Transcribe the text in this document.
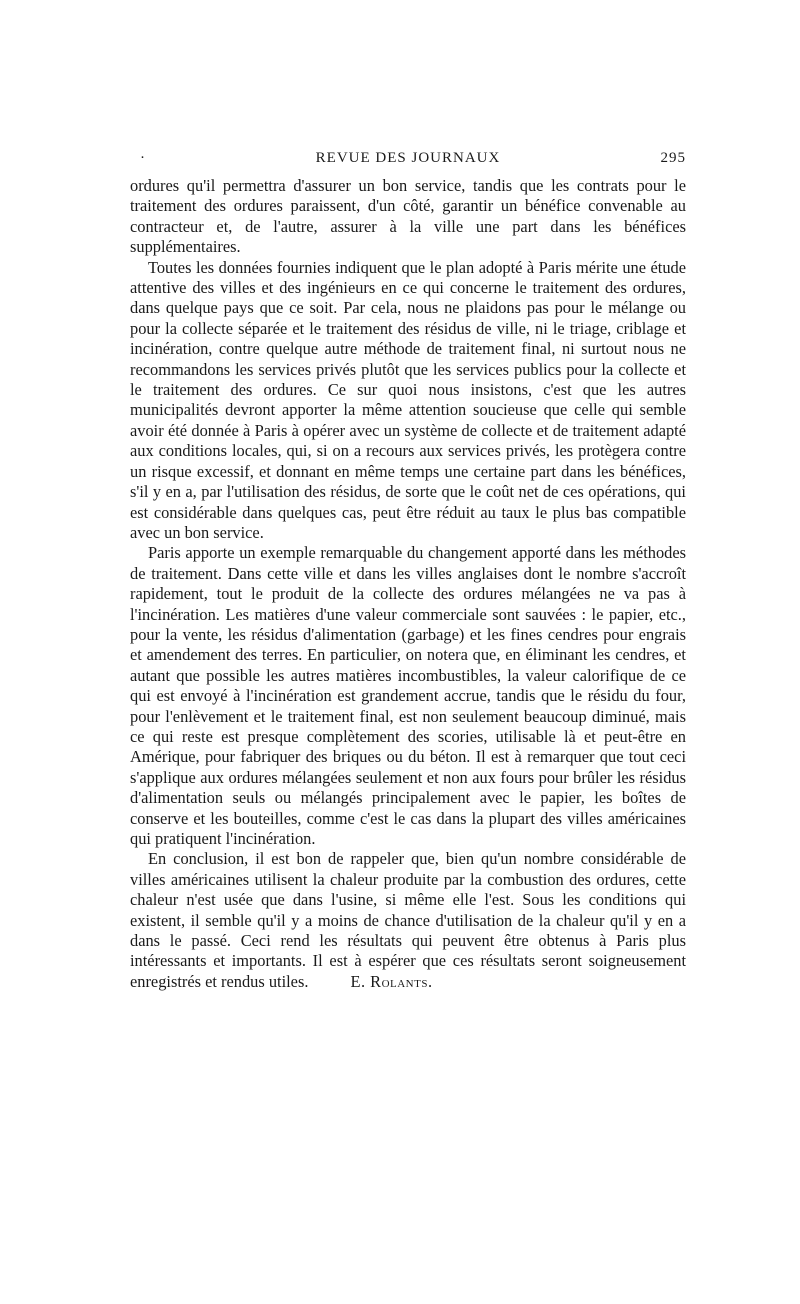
·	REVUE DES JOURNAUX	295

ordures qu'il permettra d'assurer un bon service, tandis que les contrats pour le traitement des ordures paraissent, d'un côté, garantir un bénéfice convenable au contracteur et, de l'autre, assurer à la ville une part dans les bénéfices supplémentaires.

Toutes les données fournies indiquent que le plan adopté à Paris mérite une étude attentive des villes et des ingénieurs en ce qui concerne le traitement des ordures, dans quelque pays que ce soit. Par cela, nous ne plaidons pas pour le mélange ou pour la collecte séparée et le traitement des résidus de ville, ni le triage, criblage et incinération, contre quelque autre méthode de traitement final, ni surtout nous ne recommandons les services privés plutôt que les services publics pour la collecte et le traitement des ordures. Ce sur quoi nous insistons, c'est que les autres municipalités devront apporter la même attention soucieuse que celle qui semble avoir été donnée à Paris à opérer avec un système de collecte et de traitement adapté aux conditions locales, qui, si on a recours aux services privés, les protègera contre un risque excessif, et donnant en même temps une certaine part dans les bénéfices, s'il y en a, par l'utilisation des résidus, de sorte que le coût net de ces opérations, qui est considérable dans quelques cas, peut être réduit au taux le plus bas compatible avec un bon service.

Paris apporte un exemple remarquable du changement apporté dans les méthodes de traitement. Dans cette ville et dans les villes anglaises dont le nombre s'accroît rapidement, tout le produit de la collecte des ordures mélangées ne va pas à l'incinération. Les matières d'une valeur commerciale sont sauvées : le papier, etc., pour la vente, les résidus d'alimentation (garbage) et les fines cendres pour engrais et amendement des terres. En particulier, on notera que, en éliminant les cendres, et autant que possible les autres matières incombustibles, la valeur calorifique de ce qui est envoyé à l'incinération est grandement accrue, tandis que le résidu du four, pour l'enlèvement et le traitement final, est non seulement beaucoup diminué, mais ce qui reste est presque complètement des scories, utilisable là et peut-être en Amérique, pour fabriquer des briques ou du béton. Il est à remarquer que tout ceci s'applique aux ordures mélangées seulement et non aux fours pour brûler les résidus d'alimentation seuls ou mélangés principalement avec le papier, les boîtes de conserve et les bouteilles, comme c'est le cas dans la plupart des villes américaines qui pratiquent l'incinération.

En conclusion, il est bon de rappeler que, bien qu'un nombre considérable de villes américaines utilisent la chaleur produite par la combustion des ordures, cette chaleur n'est usée que dans l'usine, si même elle l'est. Sous les conditions qui existent, il semble qu'il y a moins de chance d'utilisation de la chaleur qu'il y en a dans le passé. Ceci rend les résultats qui peuvent être obtenus à Paris plus intéressants et importants. Il est à espérer que ces résultats seront soigneusement enregistrés et rendus utiles.	E. Rolants.
